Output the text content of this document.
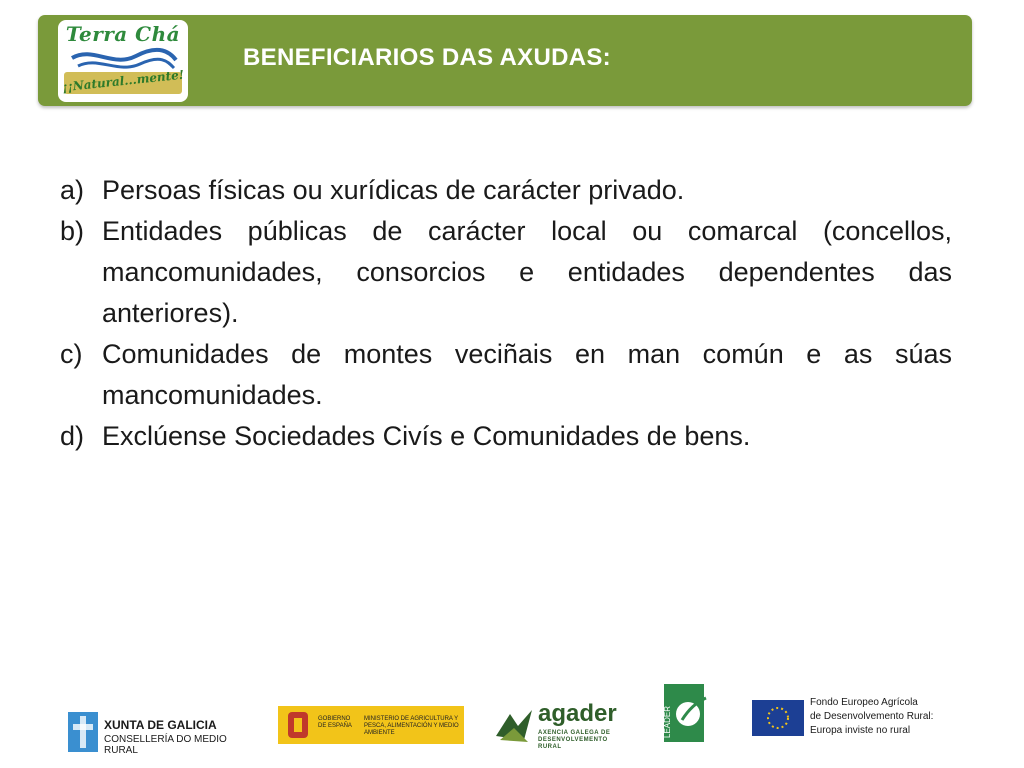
Terra Chá
¡¡Natural...mente!
BENEFICIARIOS DAS AXUDAS:
a) Persoas físicas ou xurídicas de carácter privado.
b) Entidades públicas de carácter local ou comarcal (concellos, mancomunidades, consorcios e entidades dependentes das anteriores).
c) Comunidades de montes veciñais en man común e as súas mancomunidades.
d) Exclúense Sociedades Civís e Comunidades de bens.
XUNTA DE GALICIA
CONSELLERÍA DO MEDIO RURAL
GOBIERNO DE ESPAÑA
MINISTERIO DE AGRICULTURA Y PESCA, ALIMENTACIÓN Y MEDIO AMBIENTE
agader
AXENCIA GALEGA DE DESENVOLVEMENTO RURAL
LEADER
Fondo Europeo Agrícola
de Desenvolvemento Rural:
Europa inviste no rural
